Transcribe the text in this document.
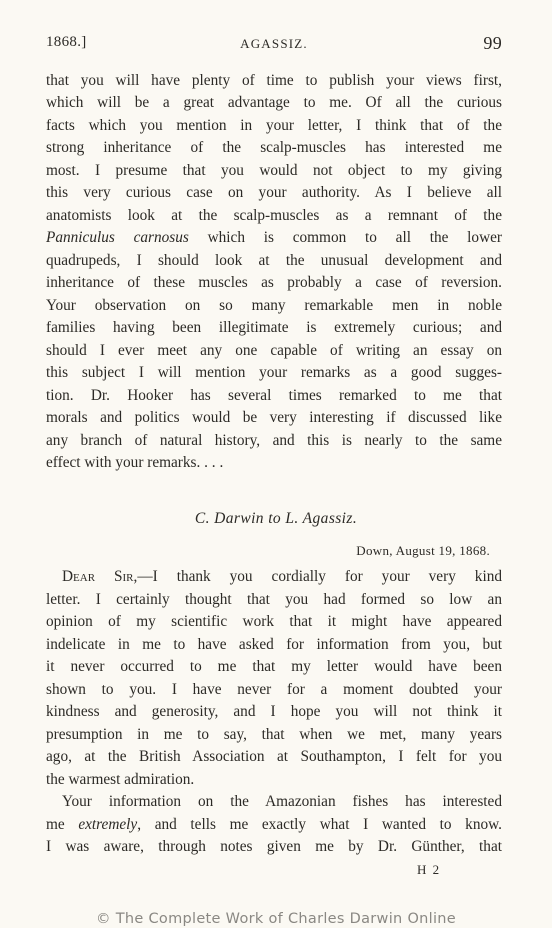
1868.]	AGASSIZ.	99
that you will have plenty of time to publish your views first,
which will be a great advantage to me. Of all the curious
facts which you mention in your letter, I think that of the
strong inheritance of the scalp-muscles has interested me
most. I presume that you would not object to my giving
this very curious case on your authority. As I believe all
anatomists look at the scalp-muscles as a remnant of the
Panniculus carnosus which is common to all the lower
quadrupeds, I should look at the unusual development and
inheritance of these muscles as probably a case of reversion.
Your observation on so many remarkable men in noble
families having been illegitimate is extremely curious; and
should I ever meet any one capable of writing an essay on
this subject I will mention your remarks as a good sugges-
tion. Dr. Hooker has several times remarked to me that
morals and politics would be very interesting if discussed like
any branch of natural history, and this is nearly to the same
effect with your remarks. . . .
C. Darwin to L. Agassiz.
Down, August 19, 1868.
Dear Sir,—I thank you cordially for your very kind
letter. I certainly thought that you had formed so low an
opinion of my scientific work that it might have appeared
indelicate in me to have asked for information from you, but
it never occurred to me that my letter would have been
shown to you. I have never for a moment doubted your
kindness and generosity, and I hope you will not think it
presumption in me to say, that when we met, many years
ago, at the British Association at Southampton, I felt for you
the warmest admiration.
Your information on the Amazonian fishes has interested
me extremely, and tells me exactly what I wanted to know.
I was aware, through notes given me by Dr. Günther, that
H 2
© The Complete Work of Charles Darwin Online
